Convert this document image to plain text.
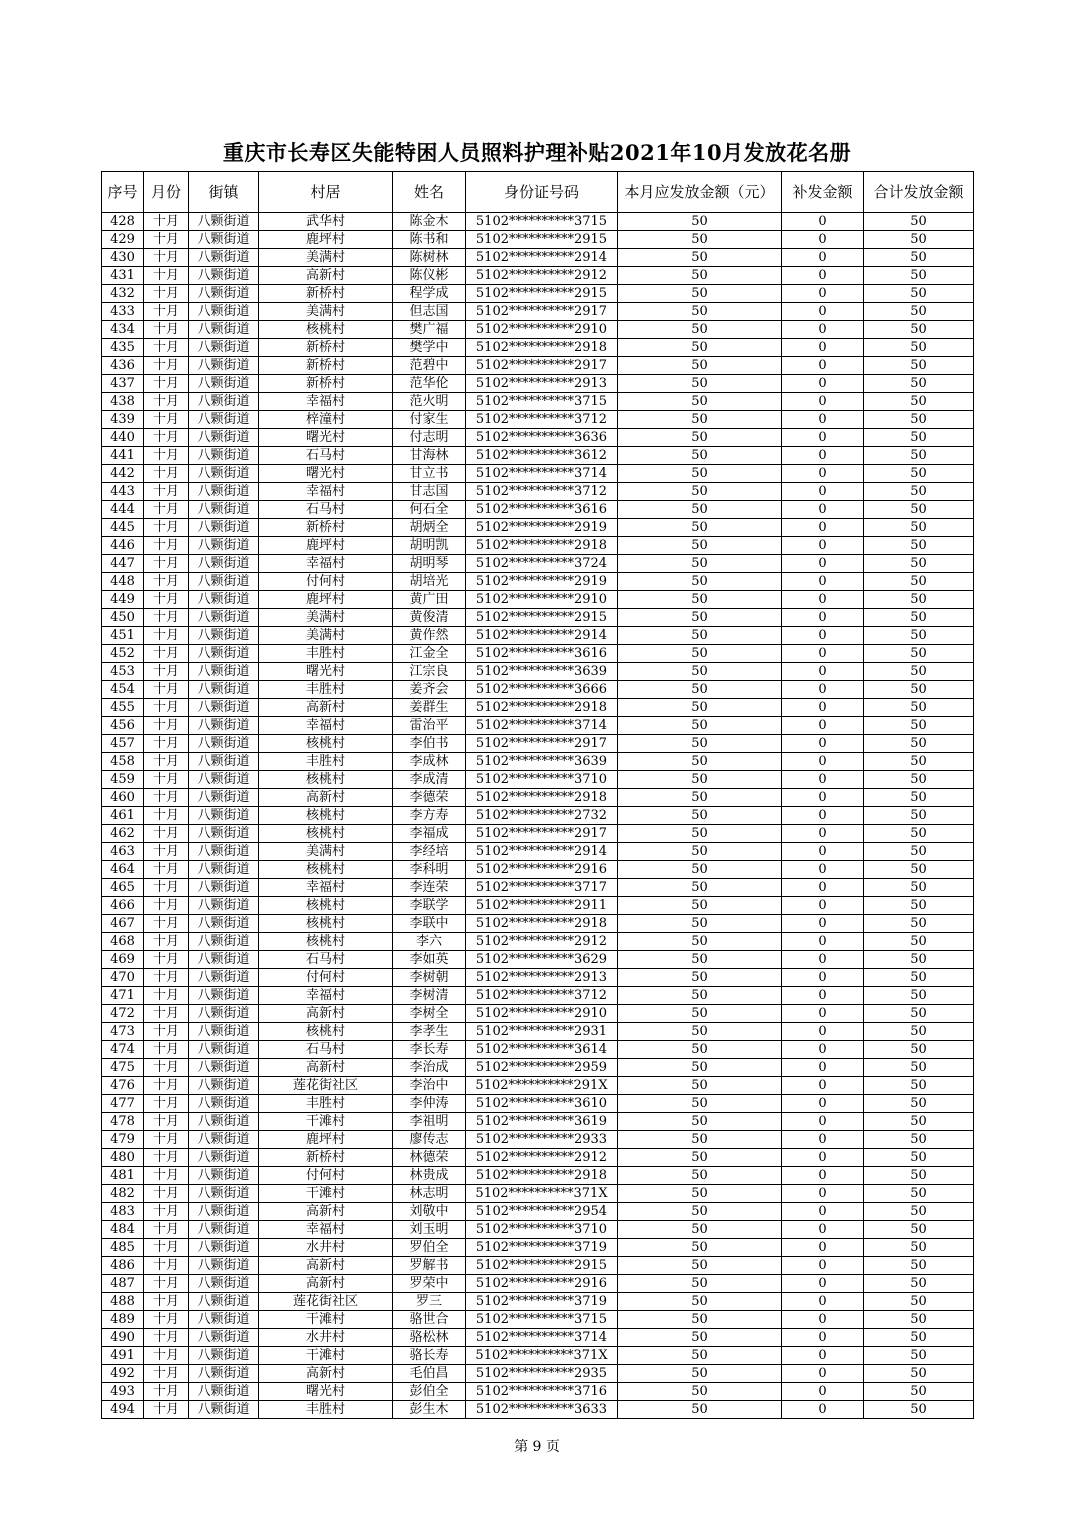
重庆市长寿区失能特困人员照料护理补贴2021年10月发放花名册
序号	月份	街镇	村居	姓名	身份证号码	本月应发放金额（元）	补发金额	合计发放金额
428	十月	八颗街道	武华村	陈金木	5102**********3715	50	0	50
429	十月	八颗街道	鹿坪村	陈书和	5102**********2915	50	0	50
430	十月	八颗街道	美满村	陈树林	5102**********2914	50	0	50
431	十月	八颗街道	高新村	陈仪彬	5102**********2912	50	0	50
432	十月	八颗街道	新桥村	程学成	5102**********2915	50	0	50
433	十月	八颗街道	美满村	但志国	5102**********2917	50	0	50
434	十月	八颗街道	核桃村	樊广福	5102**********2910	50	0	50
435	十月	八颗街道	新桥村	樊学中	5102**********2918	50	0	50
436	十月	八颗街道	新桥村	范碧中	5102**********2917	50	0	50
437	十月	八颗街道	新桥村	范华伦	5102**********2913	50	0	50
438	十月	八颗街道	幸福村	范火明	5102**********3715	50	0	50
439	十月	八颗街道	梓潼村	付家生	5102**********3712	50	0	50
440	十月	八颗街道	曙光村	付志明	5102**********3636	50	0	50
441	十月	八颗街道	石马村	甘海林	5102**********3612	50	0	50
442	十月	八颗街道	曙光村	甘立书	5102**********3714	50	0	50
443	十月	八颗街道	幸福村	甘志国	5102**********3712	50	0	50
444	十月	八颗街道	石马村	何石全	5102**********3616	50	0	50
445	十月	八颗街道	新桥村	胡炳全	5102**********2919	50	0	50
446	十月	八颗街道	鹿坪村	胡明凯	5102**********2918	50	0	50
447	十月	八颗街道	幸福村	胡明琴	5102**********3724	50	0	50
448	十月	八颗街道	付何村	胡培光	5102**********2919	50	0	50
449	十月	八颗街道	鹿坪村	黄广田	5102**********2910	50	0	50
450	十月	八颗街道	美满村	黄俊清	5102**********2915	50	0	50
451	十月	八颗街道	美满村	黄作然	5102**********2914	50	0	50
452	十月	八颗街道	丰胜村	江金全	5102**********3616	50	0	50
453	十月	八颗街道	曙光村	江宗良	5102**********3639	50	0	50
454	十月	八颗街道	丰胜村	姜齐会	5102**********3666	50	0	50
455	十月	八颗街道	高新村	姜群生	5102**********2918	50	0	50
456	十月	八颗街道	幸福村	雷治平	5102**********3714	50	0	50
457	十月	八颗街道	核桃村	李伯书	5102**********2917	50	0	50
458	十月	八颗街道	丰胜村	李成林	5102**********3639	50	0	50
459	十月	八颗街道	核桃村	李成清	5102**********3710	50	0	50
460	十月	八颗街道	高新村	李德荣	5102**********2918	50	0	50
461	十月	八颗街道	核桃村	李方寿	5102**********2732	50	0	50
462	十月	八颗街道	核桃村	李福成	5102**********2917	50	0	50
463	十月	八颗街道	美满村	李经培	5102**********2914	50	0	50
464	十月	八颗街道	核桃村	李科明	5102**********2916	50	0	50
465	十月	八颗街道	幸福村	李连荣	5102**********3717	50	0	50
466	十月	八颗街道	核桃村	李联学	5102**********2911	50	0	50
467	十月	八颗街道	核桃村	李联中	5102**********2918	50	0	50
468	十月	八颗街道	核桃村	李六	5102**********2912	50	0	50
469	十月	八颗街道	石马村	李如英	5102**********3629	50	0	50
470	十月	八颗街道	付何村	李树朝	5102**********2913	50	0	50
471	十月	八颗街道	幸福村	李树清	5102**********3712	50	0	50
472	十月	八颗街道	高新村	李树全	5102**********2910	50	0	50
473	十月	八颗街道	核桃村	李孝生	5102**********2931	50	0	50
474	十月	八颗街道	石马村	李长寿	5102**********3614	50	0	50
475	十月	八颗街道	高新村	李治成	5102**********2959	50	0	50
476	十月	八颗街道	莲花街社区	李治中	5102**********291X	50	0	50
477	十月	八颗街道	丰胜村	李仲涛	5102**********3610	50	0	50
478	十月	八颗街道	干滩村	李祖明	5102**********3619	50	0	50
479	十月	八颗街道	鹿坪村	廖传志	5102**********2933	50	0	50
480	十月	八颗街道	新桥村	林德荣	5102**********2912	50	0	50
481	十月	八颗街道	付何村	林贵成	5102**********2918	50	0	50
482	十月	八颗街道	干滩村	林志明	5102**********371X	50	0	50
483	十月	八颗街道	高新村	刘敬中	5102**********2954	50	0	50
484	十月	八颗街道	幸福村	刘玉明	5102**********3710	50	0	50
485	十月	八颗街道	水井村	罗伯全	5102**********3719	50	0	50
486	十月	八颗街道	高新村	罗解书	5102**********2915	50	0	50
487	十月	八颗街道	高新村	罗荣中	5102**********2916	50	0	50
488	十月	八颗街道	莲花街社区	罗三	5102**********3719	50	0	50
489	十月	八颗街道	干滩村	骆世合	5102**********3715	50	0	50
490	十月	八颗街道	水井村	骆松林	5102**********3714	50	0	50
491	十月	八颗街道	干滩村	骆长寿	5102**********371X	50	0	50
492	十月	八颗街道	高新村	毛伯昌	5102**********2935	50	0	50
493	十月	八颗街道	曙光村	彭伯全	5102**********3716	50	0	50
494	十月	八颗街道	丰胜村	彭生木	5102**********3633	50	0	50
第 9 页
